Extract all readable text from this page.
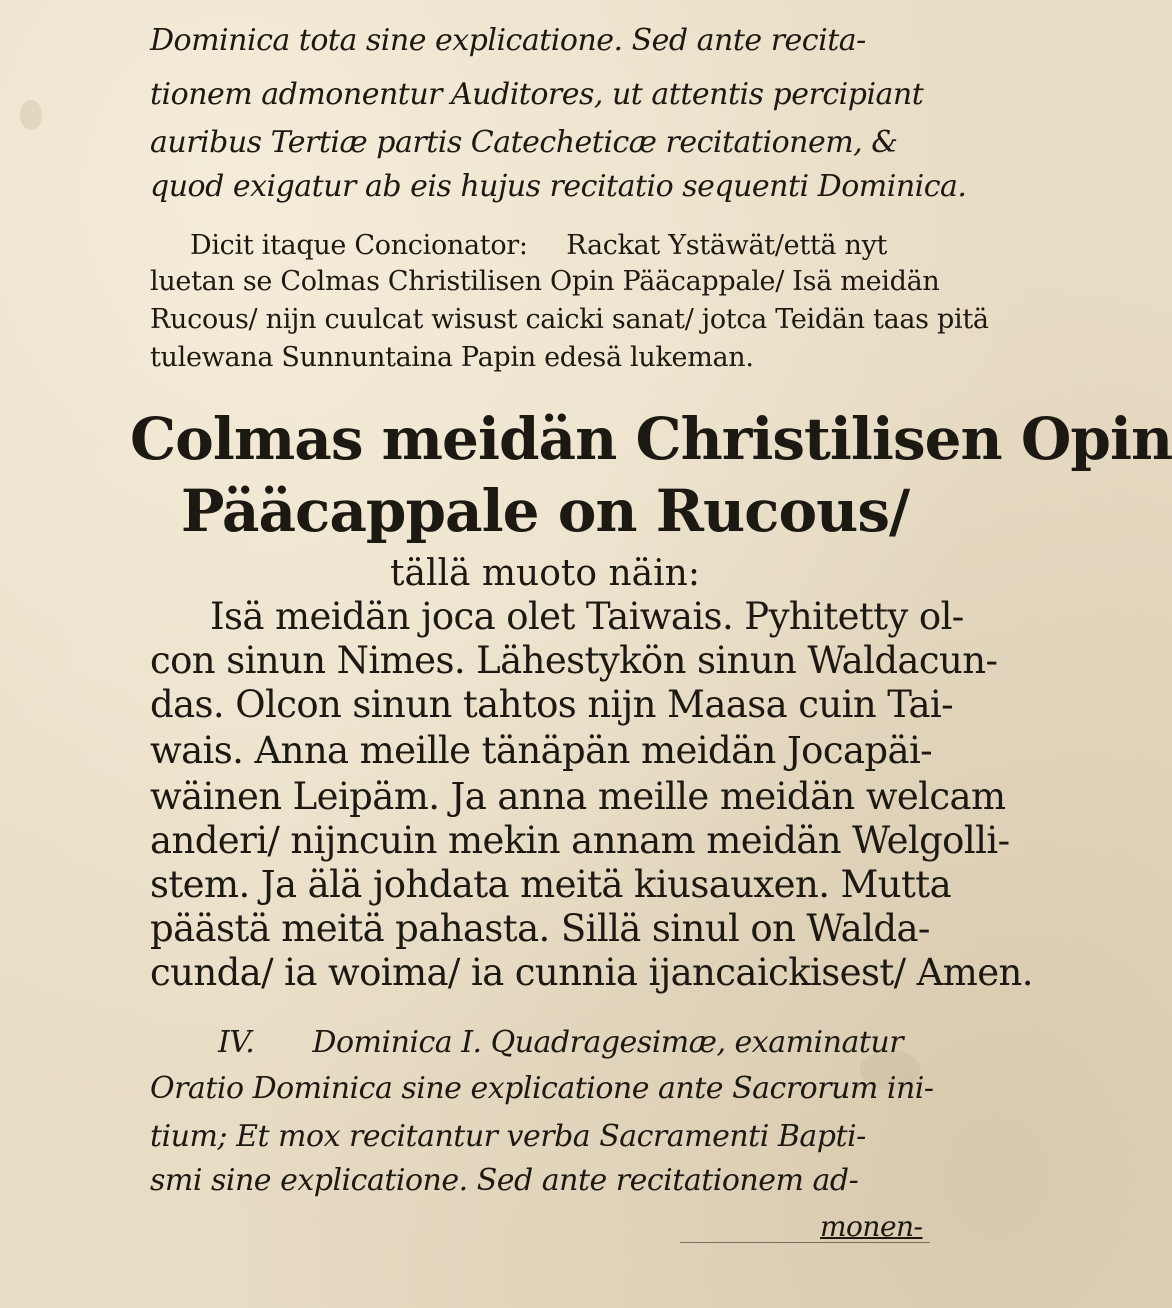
Dominica tota sine explicatione. Sed ante recita-

tionem admonentur Auditores, ut attentis percipiant

auribus Tertiæ partis Catecheticæ recitationem, &

quod exigatur ab eis hujus recitatio sequenti Dominica.

Dicit itaque Concionator: Rackat Ystäwät/että nyt

luetan se Colmas Christilisen Opin Pääcappale/ Isä meidän

Rucous/ nijn cuulcat wisust caicki sanat/ jotca Teidän taas pitä

tulewana Sunnuntaina Papin edesä lukeman.

Colmas meidän Christilisen Opin

Pääcappale on Rucous/

tällä muoto näin:

Isä meidän joca olet Taiwais. Pyhitetty ol-

con sinun Nimes. Lähestykön sinun Waldacun-

das. Olcon sinun tahtos nijn Maasa cuin Tai-

wais. Anna meille tänäpän meidän Jocapäi-

wäinen Leipäm. Ja anna meille meidän welcam

anderi/ nijncuin mekin annam meidän Welgolli-

stem. Ja älä johdata meitä kiusauxen. Mutta

päästä meitä pahasta. Sillä sinul on Walda-

cunda/ ia woima/ ia cunnia ijancaickisest/ Amen.

IV. Dominica I. Quadragesimæ, examinatur

Oratio Dominica sine explicatione ante Sacrorum ini-

tium; Et mox recitantur verba Sacramenti Bapti-

smi sine explicatione. Sed ante recitationem ad-

monen-
